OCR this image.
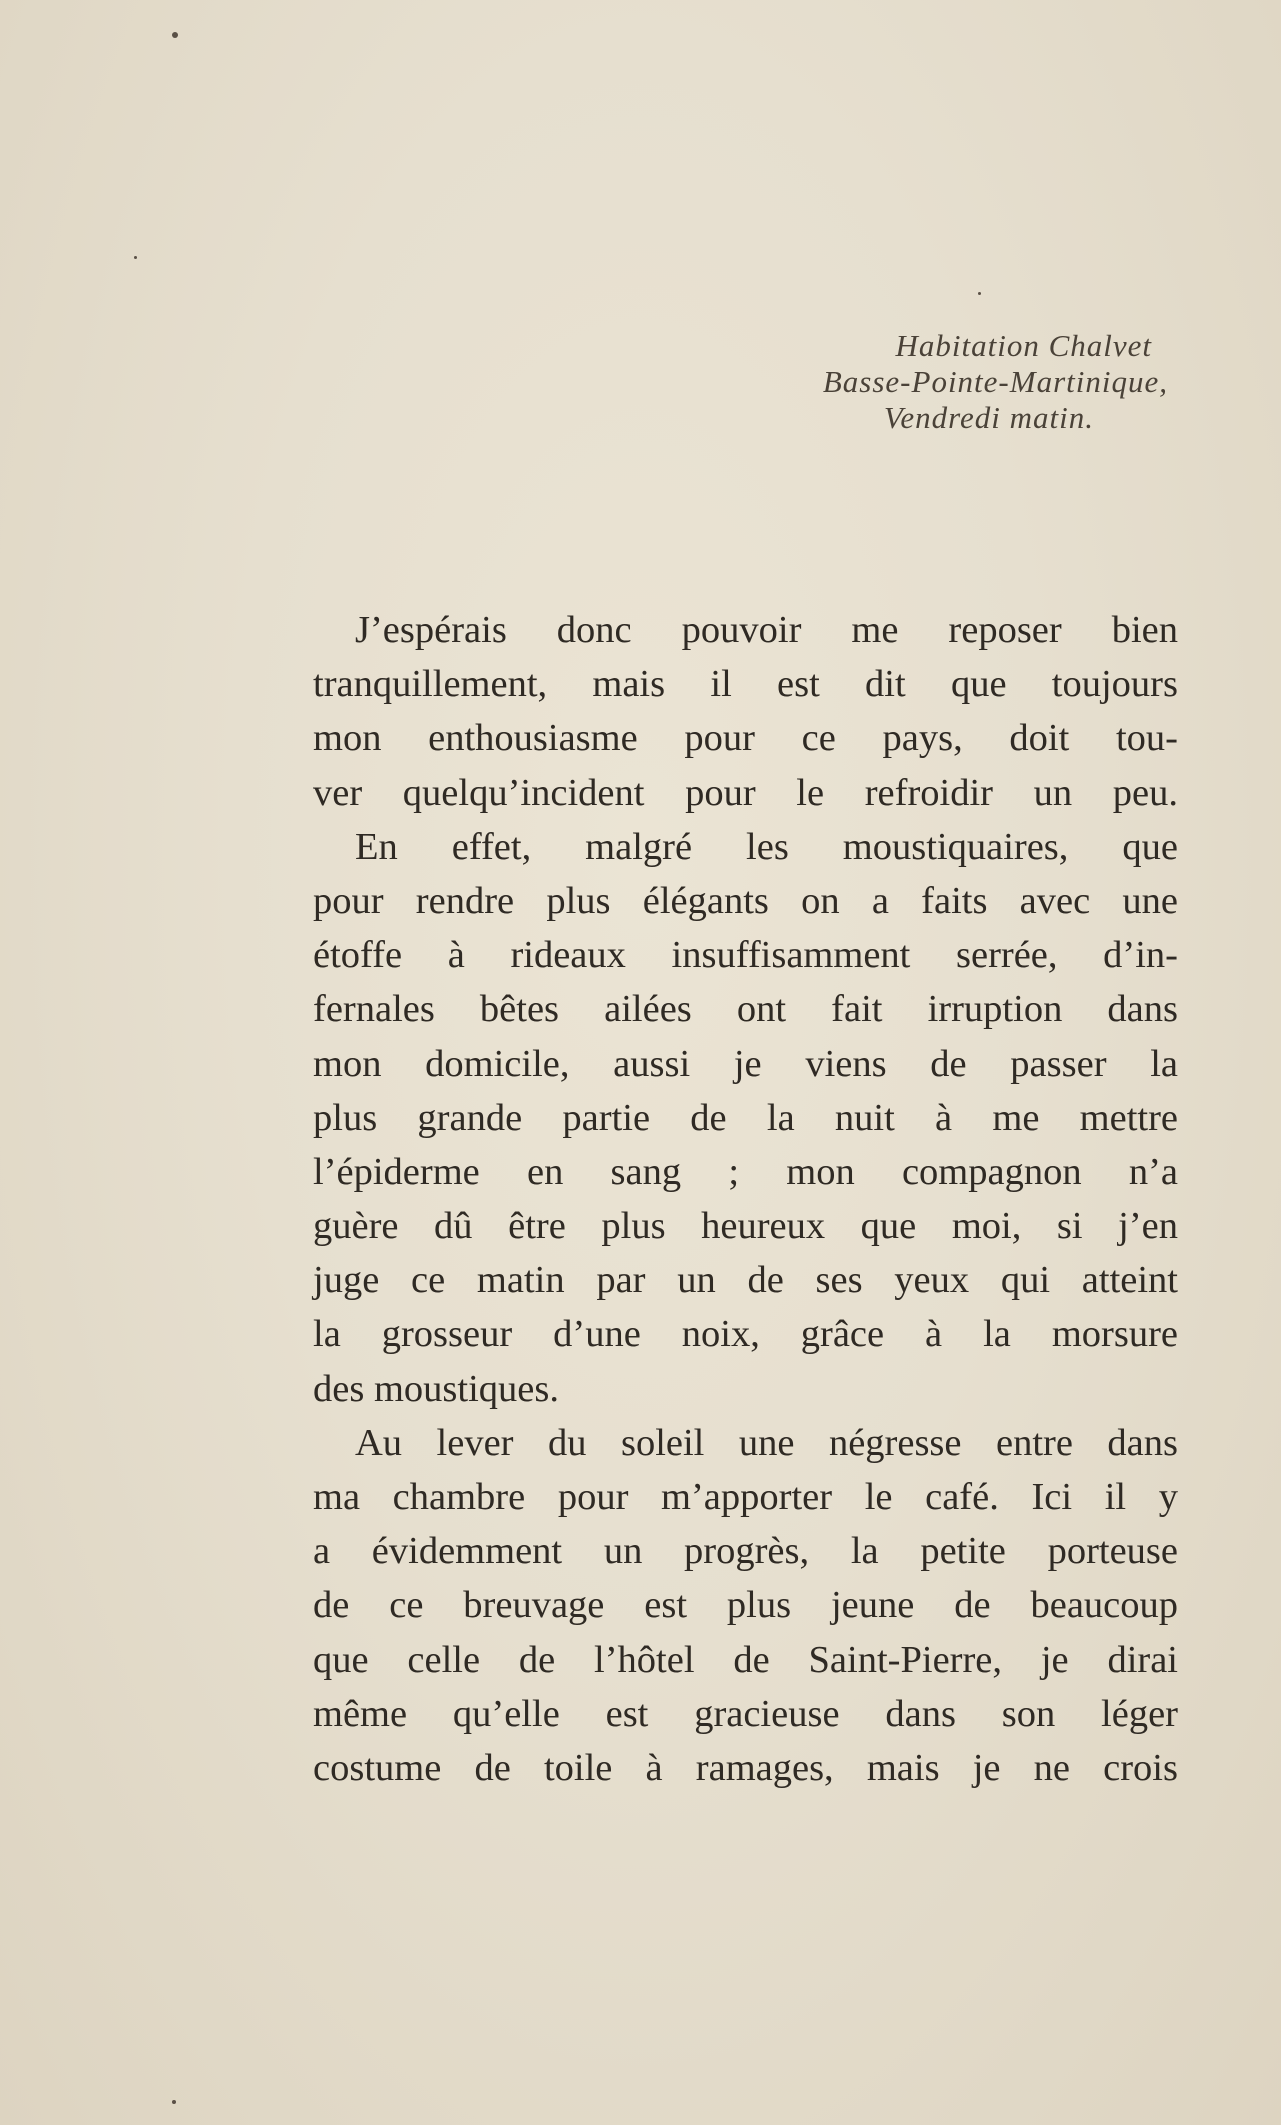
Habitation Chalvet
Basse-Pointe-Martinique,
Vendredi matin.
J’espérais donc pouvoir me reposer bien
tranquillement, mais il est dit que toujours
mon enthousiasme pour ce pays, doit tou-
ver quelqu’incident pour le refroidir un peu.
En effet, malgré les moustiquaires, que
pour rendre plus élégants on a faits avec une
étoffe à rideaux insuffisamment serrée, d’in-
fernales bêtes ailées ont fait irruption dans
mon domicile, aussi je viens de passer la
plus grande partie de la nuit à me mettre
l’épiderme en sang ; mon compagnon n’a
guère dû être plus heureux que moi, si j’en
juge ce matin par un de ses yeux qui atteint
la grosseur d’une noix, grâce à la morsure
des moustiques.
Au lever du soleil une négresse entre dans
ma chambre pour m’apporter le café. Ici il y
a évidemment un progrès, la petite porteuse
de ce breuvage est plus jeune de beaucoup
que celle de l’hôtel de Saint-Pierre, je dirai
même qu’elle est gracieuse dans son léger
costume de toile à ramages, mais je ne crois
